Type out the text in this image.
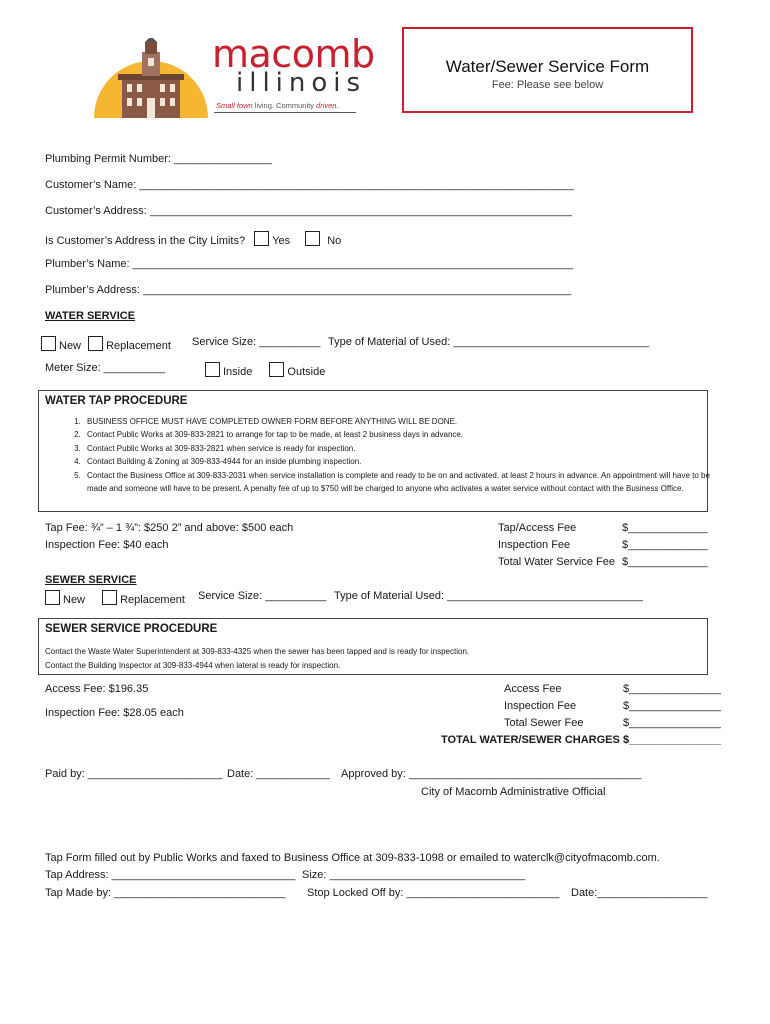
macomb
illinois
Small town living. Community driven.
Water/Sewer Service Form
Fee: Please see below
Plumbing Permit Number: ________________
Customer’s Name: _______________________________________________________________________
Customer’s Address: _____________________________________________________________________
Is Customer’s Address in the City Limits? Yes	No
Plumber’s Name: ________________________________________________________________________
Plumber’s Address: ______________________________________________________________________
WATER SERVICE
New Replacement Service Size: __________ Type of Material of Used: ________________________________
Meter Size: __________	Inside	Outside
WATER TAP PROCEDURE
1. BUSINESS OFFICE MUST HAVE COMPLETED OWNER FORM BEFORE ANYTHING WILL BE DONE.
2. Contact Public Works at 309-833-2821 to arrange for tap to be made, at least 2 business days in advance.
3. Contact Public Works at 309-833-2821 when service is ready for inspection.
4. Contact Building & Zoning at 309-833-4944 for an inside plumbing inspection.
5. Contact the Business Office at 309-833-2031 when service installation is complete and ready to be on and activated, at least 2 hours in advance. An appointment will have to be made and someone will have to be present. A penalty fee of up to $750 will be charged to anyone who activates a water service without contact with the Business Office.
Tap Fee: ¾” – 1 ¾”: $250 2” and above: $500 each
Inspection Fee: $40 each
Tap/Access Fee	$_____________
Inspection Fee	$_____________
Total Water Service Fee $_____________
SEWER SERVICE
New	Replacement Service Size: __________ Type of Material Used: ________________________________
SEWER SERVICE PROCEDURE
Contact the Waste Water Superintendent at 309-833-4325 when the sewer has been tapped and is ready for inspection.
Contact the Building Inspector at 309-833-4944 when lateral is ready for inspection.
Access Fee: $196.35
Inspection Fee: $28.05 each
Access Fee	$_______________
Inspection Fee	$_______________
Total Sewer Fee	$_______________
TOTAL WATER/SEWER CHARGES $_______________
Paid by: ______________________ Date: ____________ Approved by: ______________________________________
City of Macomb Administrative Official
Tap Form filled out by Public Works and faxed to Business Office at 309-833-1098 or emailed to waterclk@cityofmacomb.com.
Tap Address: ______________________________ Size: ________________________________
Tap Made by: ____________________________ Stop Locked Off by: _________________________ Date:__________________
